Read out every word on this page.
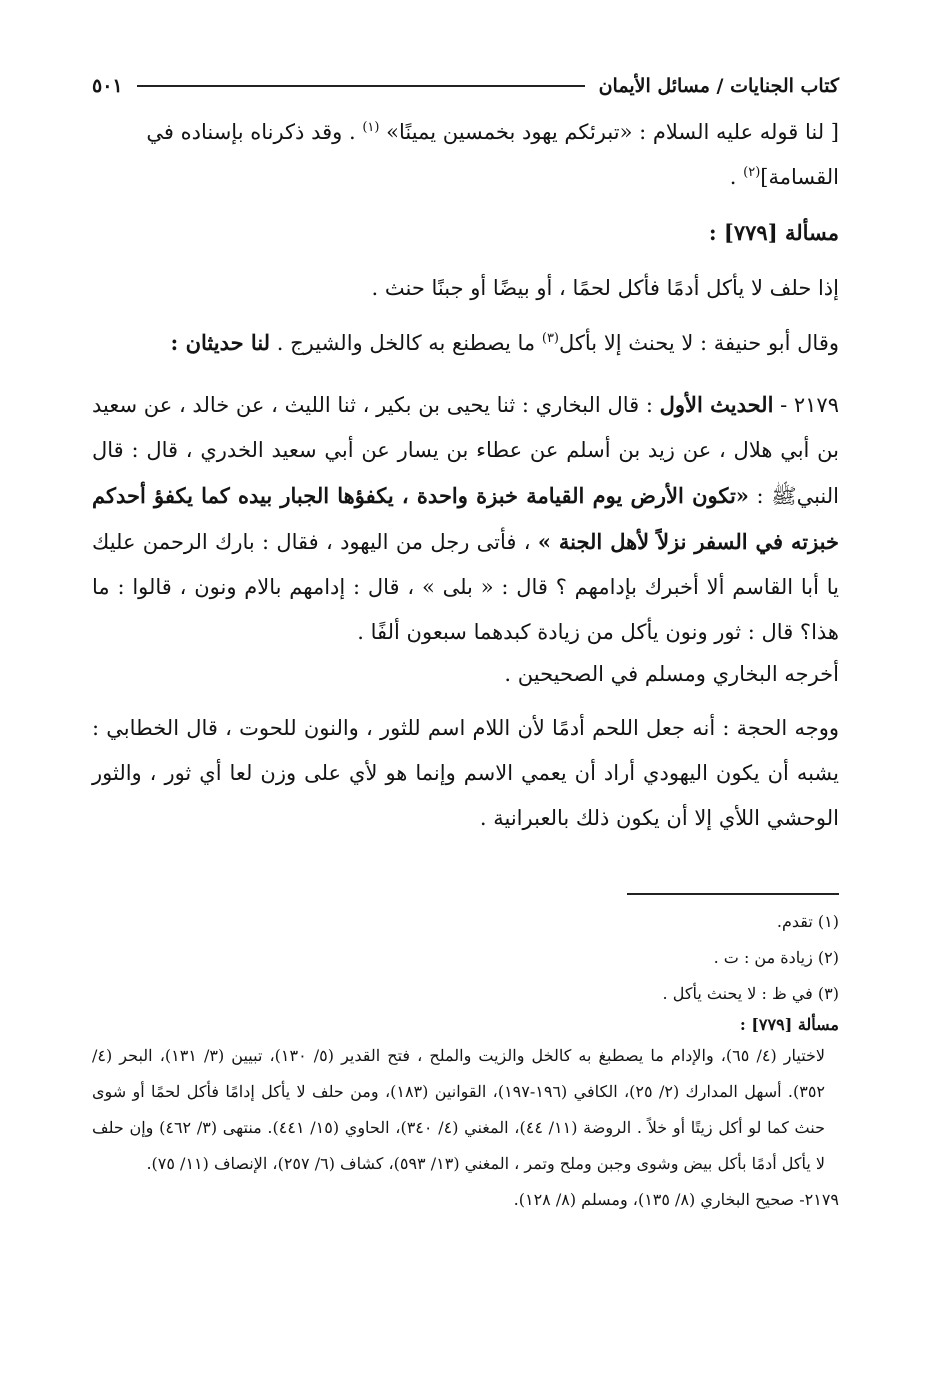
كتاب الجنايات / مسائل الأيمان
٥٠١
[ لنا قوله عليه السلام : «تبرئكم يهود بخمسين يمينًا» $^{(١)}$ . وقد ذكرناه بإسناده في
القسامة]$^{(٢)}$ .
مسألة [٧٧٩] :
إذا حلف لا يأكل أدمًا فأكل لحمًا ، أو بيضًا أو جبنًا حنث .
وقال أبو حنيفة : لا يحنث إلا بأكل$^{(٣)}$ ما يصطنع به كالخل والشيرج . لنا حديثان :
٢١٧٩ - الحديث الأول : قال البخاري : ثنا يحيى بن بكير ، ثنا الليث ، عن خالد ، عن سعيد بن أبي هلال ، عن زيد بن أسلم عن عطاء بن يسار عن أبي سعيد الخدري ، قال : قال النبيﷺ : «تكون الأرض يوم القيامة خبزة واحدة ، يكفؤها الجبار بيده كما يكفؤ أحدكم خبزته في السفر نزلاً لأهل الجنة » ، فأتى رجل من اليهود ، فقال : بارك الرحمن عليك يا أبا القاسم ألا أخبرك بإدامهم ؟ قال : « بلى » ، قال : إدامهم بالام ونون ، قالوا : ما هذا؟ قال : ثور ونون يأكل من زيادة كبدهما سبعون ألفًا .
أخرجه البخاري ومسلم في الصحيحين .
ووجه الحجة : أنه جعل اللحم أدمًا لأن اللام اسم للثور ، والنون للحوت ، قال الخطابي : يشبه أن يكون اليهودي أراد أن يعمي الاسم وإنما هو لأي على وزن لعا أي ثور ، والثور الوحشي اللأي إلا أن يكون ذلك بالعبرانية .
(١) تقدم.
(٢) زيادة من : ت .
(٣) في ظ : لا يحنث يأكل .
مسألة [٧٧٩] :
لاختيار (٤/ ٦٥)، والإدام ما يصطبغ به كالخل والزيت والملح ، فتح القدير (٥/ ١٣٠)، تبيين (٣/ ١٣١)، البحر (٤/ ٣٥٢). أسهل المدارك (٢/ ٢٥)، الكافي (١٩٦-١٩٧)، القوانين (١٨٣)، ومن حلف لا يأكل إدامًا فأكل لحمًا أو شوى حنث كما لو أكل زيتًا أو خلاً . الروضة (١١/ ٤٤)، المغني (٤/ ٣٤٠)، الحاوي (١٥/ ٤٤١). منتهى (٣/ ٤٦٢) وإن حلف لا يأكل أدمًا بأكل بيض وشوى وجبن وملح وتمر ، المغني (١٣/ ٥٩٣)، كشاف (٦/ ٢٥٧)، الإنصاف (١١/ ٧٥).
٢١٧٩- صحيح البخاري (٨/ ١٣٥)، ومسلم (٨/ ١٢٨).
